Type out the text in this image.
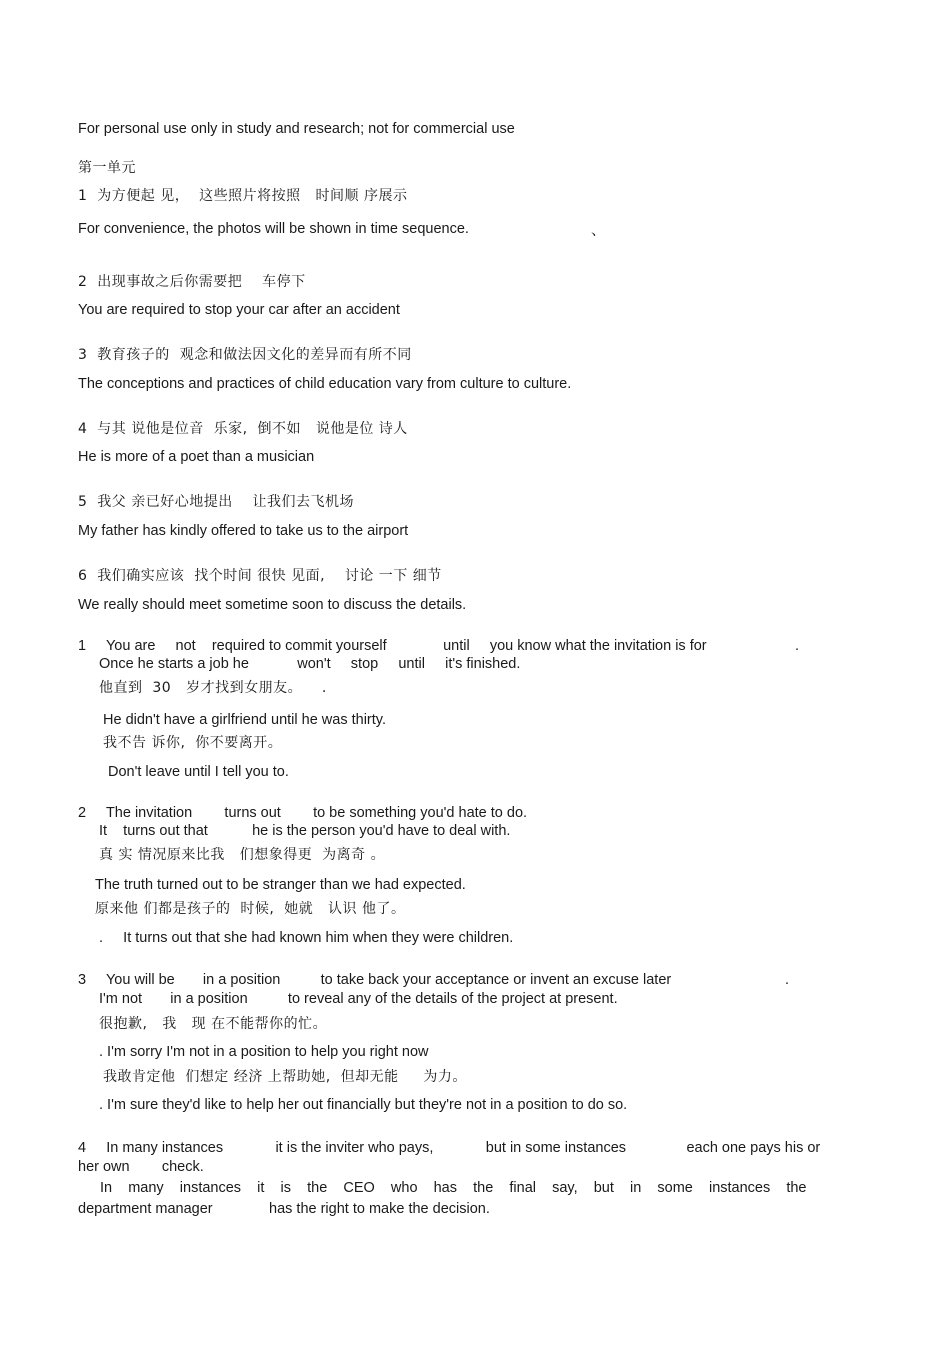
For personal use only in study and research; not for commercial use
第一单元
1  为方便起 见，  这些照片将按照   时间顺 序展示
For convenience, the photos will be shown in time sequence.	、
2  出现事故之后你需要把    车停下
You are required to stop your car after an accident
3  教育孩子的  观念和做法因文化的差异而有所不同
The conceptions and practices of child education vary from culture to culture.
4  与其 说他是位音  乐家,  倒不如   说他是位 诗人
He is more of a poet than a musician
5  我父 亲已好心地提出    让我们去飞机场
My father has kindly offered to take us to the airport
6  我们确实应该  找个时间 很快 见面,    讨论 一下 细节
We really should meet sometime soon to discuss the details.
1     You are     not    required to commit yourself              until     you know what the invitation is for	.
Once he starts a job he            won't     stop     until     it's finished.
他直到  30   岁才找到女朋友。    .
He didn't have a girlfriend until he was thirty.
我不告 诉你,  你不要离开。
Don't leave until I tell you to.
2     The invitation        turns out        to be something you'd hate to do.
It    turns out that           he is the person you'd have to deal with.
真 实 情况原来比我   们想象得更  为离奇 。
The truth turned out to be stranger than we had expected.
原来他 们都是孩子的  时候,  她就   认识 他了。
.     It turns out that she had known him when they were children.
3     You will be       in a position          to take back your acceptance or invent an excuse later	.
I'm not       in a position          to reveal any of the details of the project at present.
很抱歉,   我   现 在不能帮你的忙。
. I'm sorry I'm not in a position to help you right now
我敢肯定他  们想定 经济 上帮助她,  但却无能     为力。
. I'm sure they'd like to help her out financially but they're not in a position to do so.
4     In many instances             it is the inviter who pays,             but in some instances               each one pays his or
her own        check.
In    many    instances    it    is    the    CEO    who    has    the    final    say,    but    in    some    instances    the
department manager              has the right to make the decision.
